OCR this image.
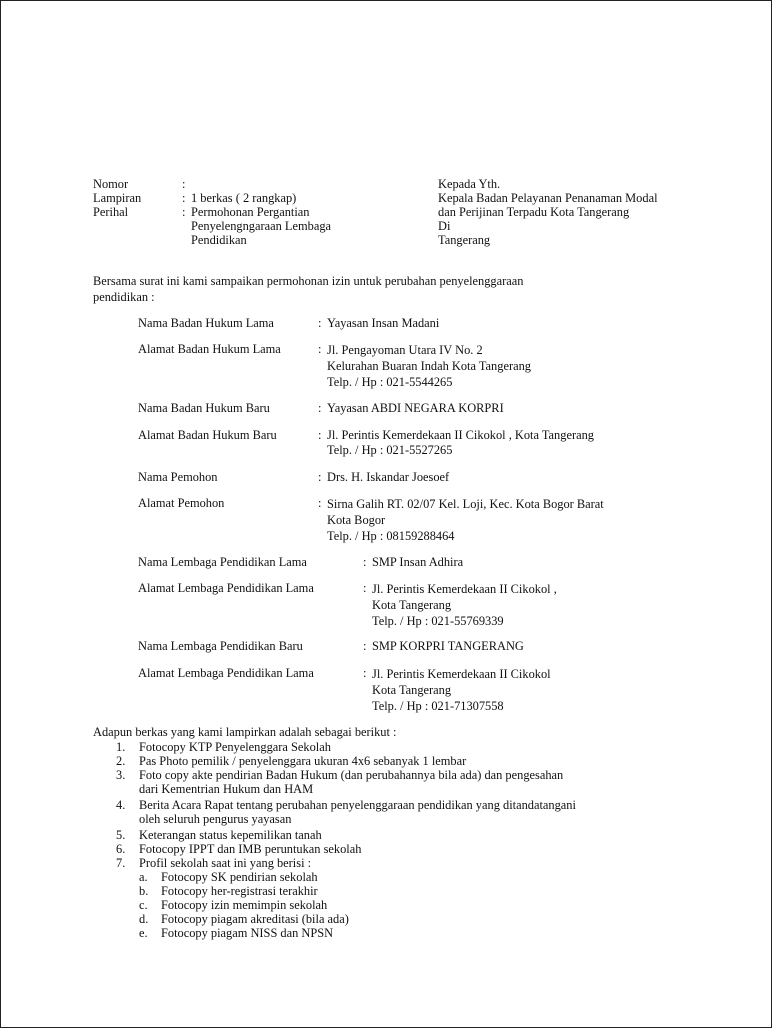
Nomor	:
Lampiran	: 1 berkas ( 2 rangkap)
Perihal	: Permohonan Pergantian
Penyelengngaraan Lembaga
Pendidikan
Kepada Yth.
Kepala Badan Pelayanan Penanaman Modal
dan Perijinan Terpadu Kota Tangerang
Di
Tangerang
Bersama surat ini kami sampaikan permohonan izin untuk perubahan penyelenggaraan
pendidikan :
Nama Badan Hukum Lama	: Yayasan Insan Madani
Alamat Badan Hukum Lama	: Jl. Pengayoman Utara IV No. 2
Kelurahan Buaran Indah Kota Tangerang
Telp. / Hp : 021-5544265
Nama Badan Hukum Baru	: Yayasan ABDI NEGARA KORPRI
Alamat Badan Hukum Baru	: Jl. Perintis Kemerdekaan II Cikokol , Kota Tangerang
Telp. / Hp : 021-5527265
Nama Pemohon	: Drs. H. Iskandar Joesoef
Alamat Pemohon	: Sirna Galih RT. 02/07 Kel. Loji, Kec. Kota Bogor Barat
Kota Bogor
Telp. / Hp : 08159288464
Nama Lembaga Pendidikan Lama	: SMP Insan Adhira
Alamat Lembaga Pendidikan Lama	: Jl. Perintis Kemerdekaan II Cikokol ,
Kota Tangerang
Telp. / Hp : 021-55769339
Nama Lembaga Pendidikan Baru	: SMP KORPRI TANGERANG
Alamat Lembaga Pendidikan Lama	: Jl. Perintis Kemerdekaan II Cikokol
Kota Tangerang
Telp. / Hp : 021-71307558
Adapun berkas yang kami lampirkan adalah sebagai berikut :
1. Fotocopy KTP Penyelenggara Sekolah
2. Pas Photo pemilik / penyelenggara ukuran 4x6 sebanyak 1 lembar
3. Foto copy akte pendirian Badan Hukum (dan perubahannya bila ada) dan pengesahan
dari Kementrian Hukum dan HAM
4. Berita Acara Rapat tentang perubahan penyelenggaraan pendidikan yang ditandatangani
oleh seluruh pengurus yayasan
5. Keterangan status kepemilikan tanah
6. Fotocopy IPPT dan IMB peruntukan sekolah
7. Profil sekolah saat ini yang berisi :
a. Fotocopy SK pendirian sekolah
b. Fotocopy her-registrasi terakhir
c. Fotocopy izin memimpin sekolah
d. Fotocopy piagam akreditasi (bila ada)
e. Fotocopy piagam NISS dan NPSN
